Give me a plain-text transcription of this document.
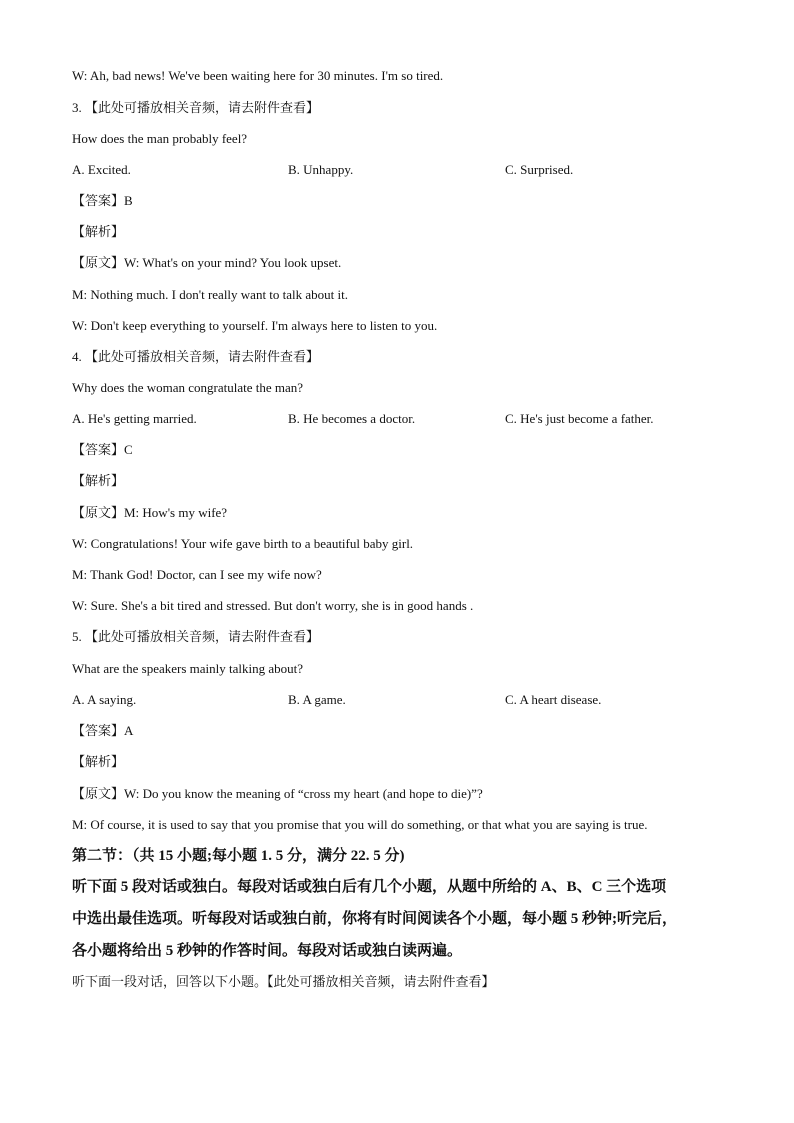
W: Ah, bad news! We've been waiting here for 30 minutes. I'm so tired.
3. 【此处可播放相关音频，请去附件查看】
How does the man probably feel?
A. Excited.	B. Unhappy.	C. Surprised.
【答案】B
【解析】
【原文】W: What's on your mind? You look upset.
M: Nothing much. I don't really want to talk about it.
W: Don't keep everything to yourself. I'm always here to listen to you.
4. 【此处可播放相关音频，请去附件查看】
Why does the woman congratulate the man?
A. He's getting married.	B. He becomes a doctor.	C. He's just become a father.
【答案】C
【解析】
【原文】M: How's my wife?
W: Congratulations! Your wife gave birth to a beautiful baby girl.
M: Thank God! Doctor, can I see my wife now?
W: Sure. She's a bit tired and stressed. But don't worry, she is in good hands .
5. 【此处可播放相关音频，请去附件查看】
What are the speakers mainly talking about?
A. A saying.	B. A game.	C. A heart disease.
【答案】A
【解析】
【原文】W: Do you know the meaning of “cross my heart (and hope to die)”?
M: Of course, it is used to say that you promise that you will do something, or that what you are saying is true.
第二节：（共 15 小题;每小题 1. 5 分，满分 22. 5 分)
听下面 5 段对话或独白。每段对话或独白后有几个小题，从题中所给的 A、B、C 三个选项
中选出最佳选项。听每段对话或独白前，你将有时间阅读各个小题，每小题 5 秒钟;听完后，
各小题将给出 5 秒钟的作答时间。每段对话或独白读两遍。
听下面一段对话，回答以下小题。【此处可播放相关音频，请去附件查看】
